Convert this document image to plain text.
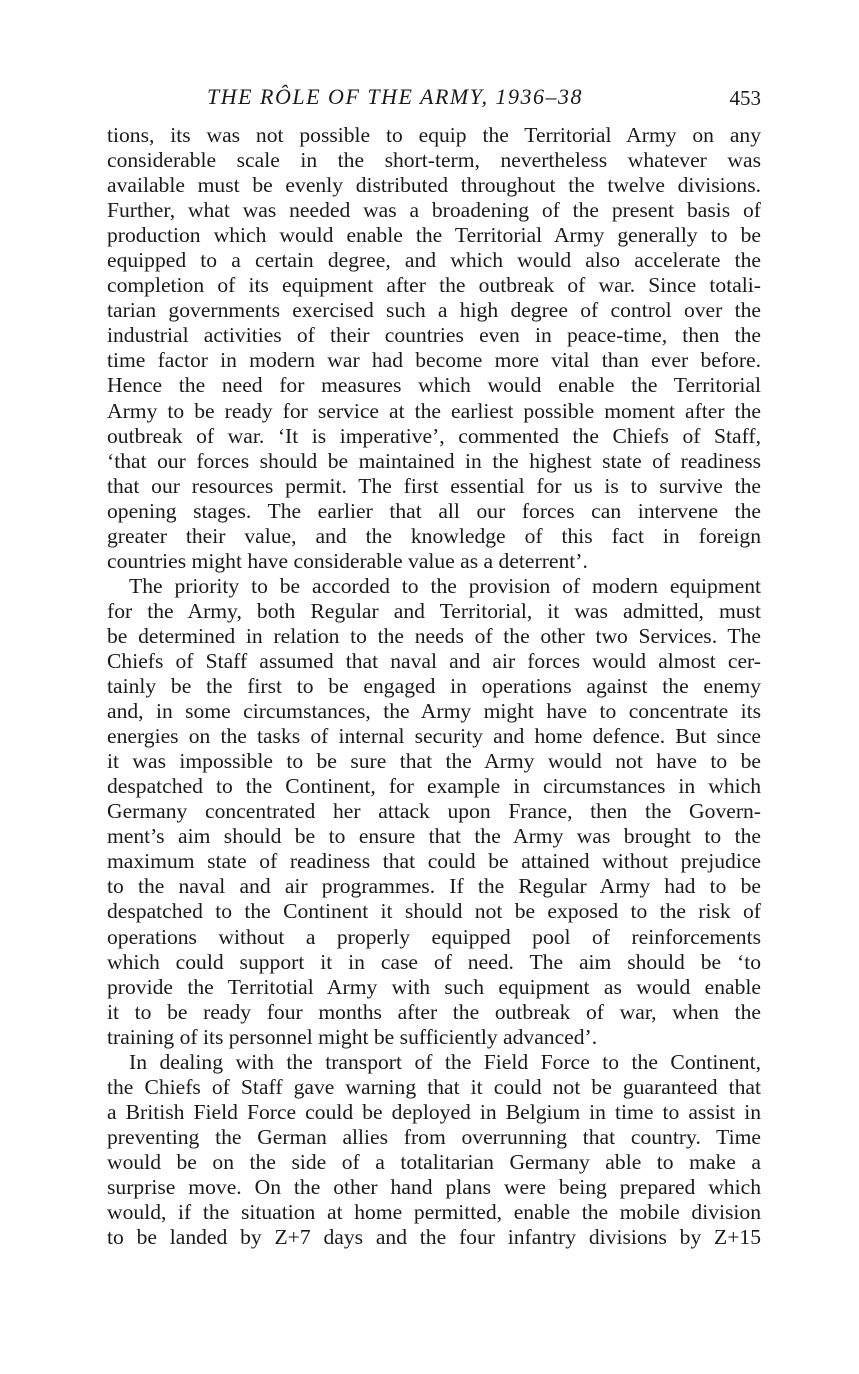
THE RÔLE OF THE ARMY, 1936–38	453
tions, its was not possible to equip the Territorial Army on any
considerable scale in the short-term, nevertheless whatever was
available must be evenly distributed throughout the twelve divisions.
Further, what was needed was a broadening of the present basis of
production which would enable the Territorial Army generally to be
equipped to a certain degree, and which would also accelerate the
completion of its equipment after the outbreak of war. Since totali-
tarian governments exercised such a high degree of control over the
industrial activities of their countries even in peace-time, then the
time factor in modern war had become more vital than ever before.
Hence the need for measures which would enable the Territorial
Army to be ready for service at the earliest possible moment after the
outbreak of war. ‘It is imperative’, commented the Chiefs of Staff,
‘that our forces should be maintained in the highest state of readiness
that our resources permit. The first essential for us is to survive the
opening stages. The earlier that all our forces can intervene the
greater their value, and the knowledge of this fact in foreign
countries might have considerable value as a deterrent’.
The priority to be accorded to the provision of modern equipment
for the Army, both Regular and Territorial, it was admitted, must
be determined in relation to the needs of the other two Services. The
Chiefs of Staff assumed that naval and air forces would almost cer-
tainly be the first to be engaged in operations against the enemy
and, in some circumstances, the Army might have to concentrate its
energies on the tasks of internal security and home defence. But since
it was impossible to be sure that the Army would not have to be
despatched to the Continent, for example in circumstances in which
Germany concentrated her attack upon France, then the Govern-
ment’s aim should be to ensure that the Army was brought to the
maximum state of readiness that could be attained without prejudice
to the naval and air programmes. If the Regular Army had to be
despatched to the Continent it should not be exposed to the risk of
operations without a properly equipped pool of reinforcements
which could support it in case of need. The aim should be ‘to
provide the Territotial Army with such equipment as would enable
it to be ready four months after the outbreak of war, when the
training of its personnel might be sufficiently advanced’.
In dealing with the transport of the Field Force to the Continent,
the Chiefs of Staff gave warning that it could not be guaranteed that
a British Field Force could be deployed in Belgium in time to assist in
preventing the German allies from overrunning that country. Time
would be on the side of a totalitarian Germany able to make a
surprise move. On the other hand plans were being prepared which
would, if the situation at home permitted, enable the mobile division
to be landed by Z+7 days and the four infantry divisions by Z+15
